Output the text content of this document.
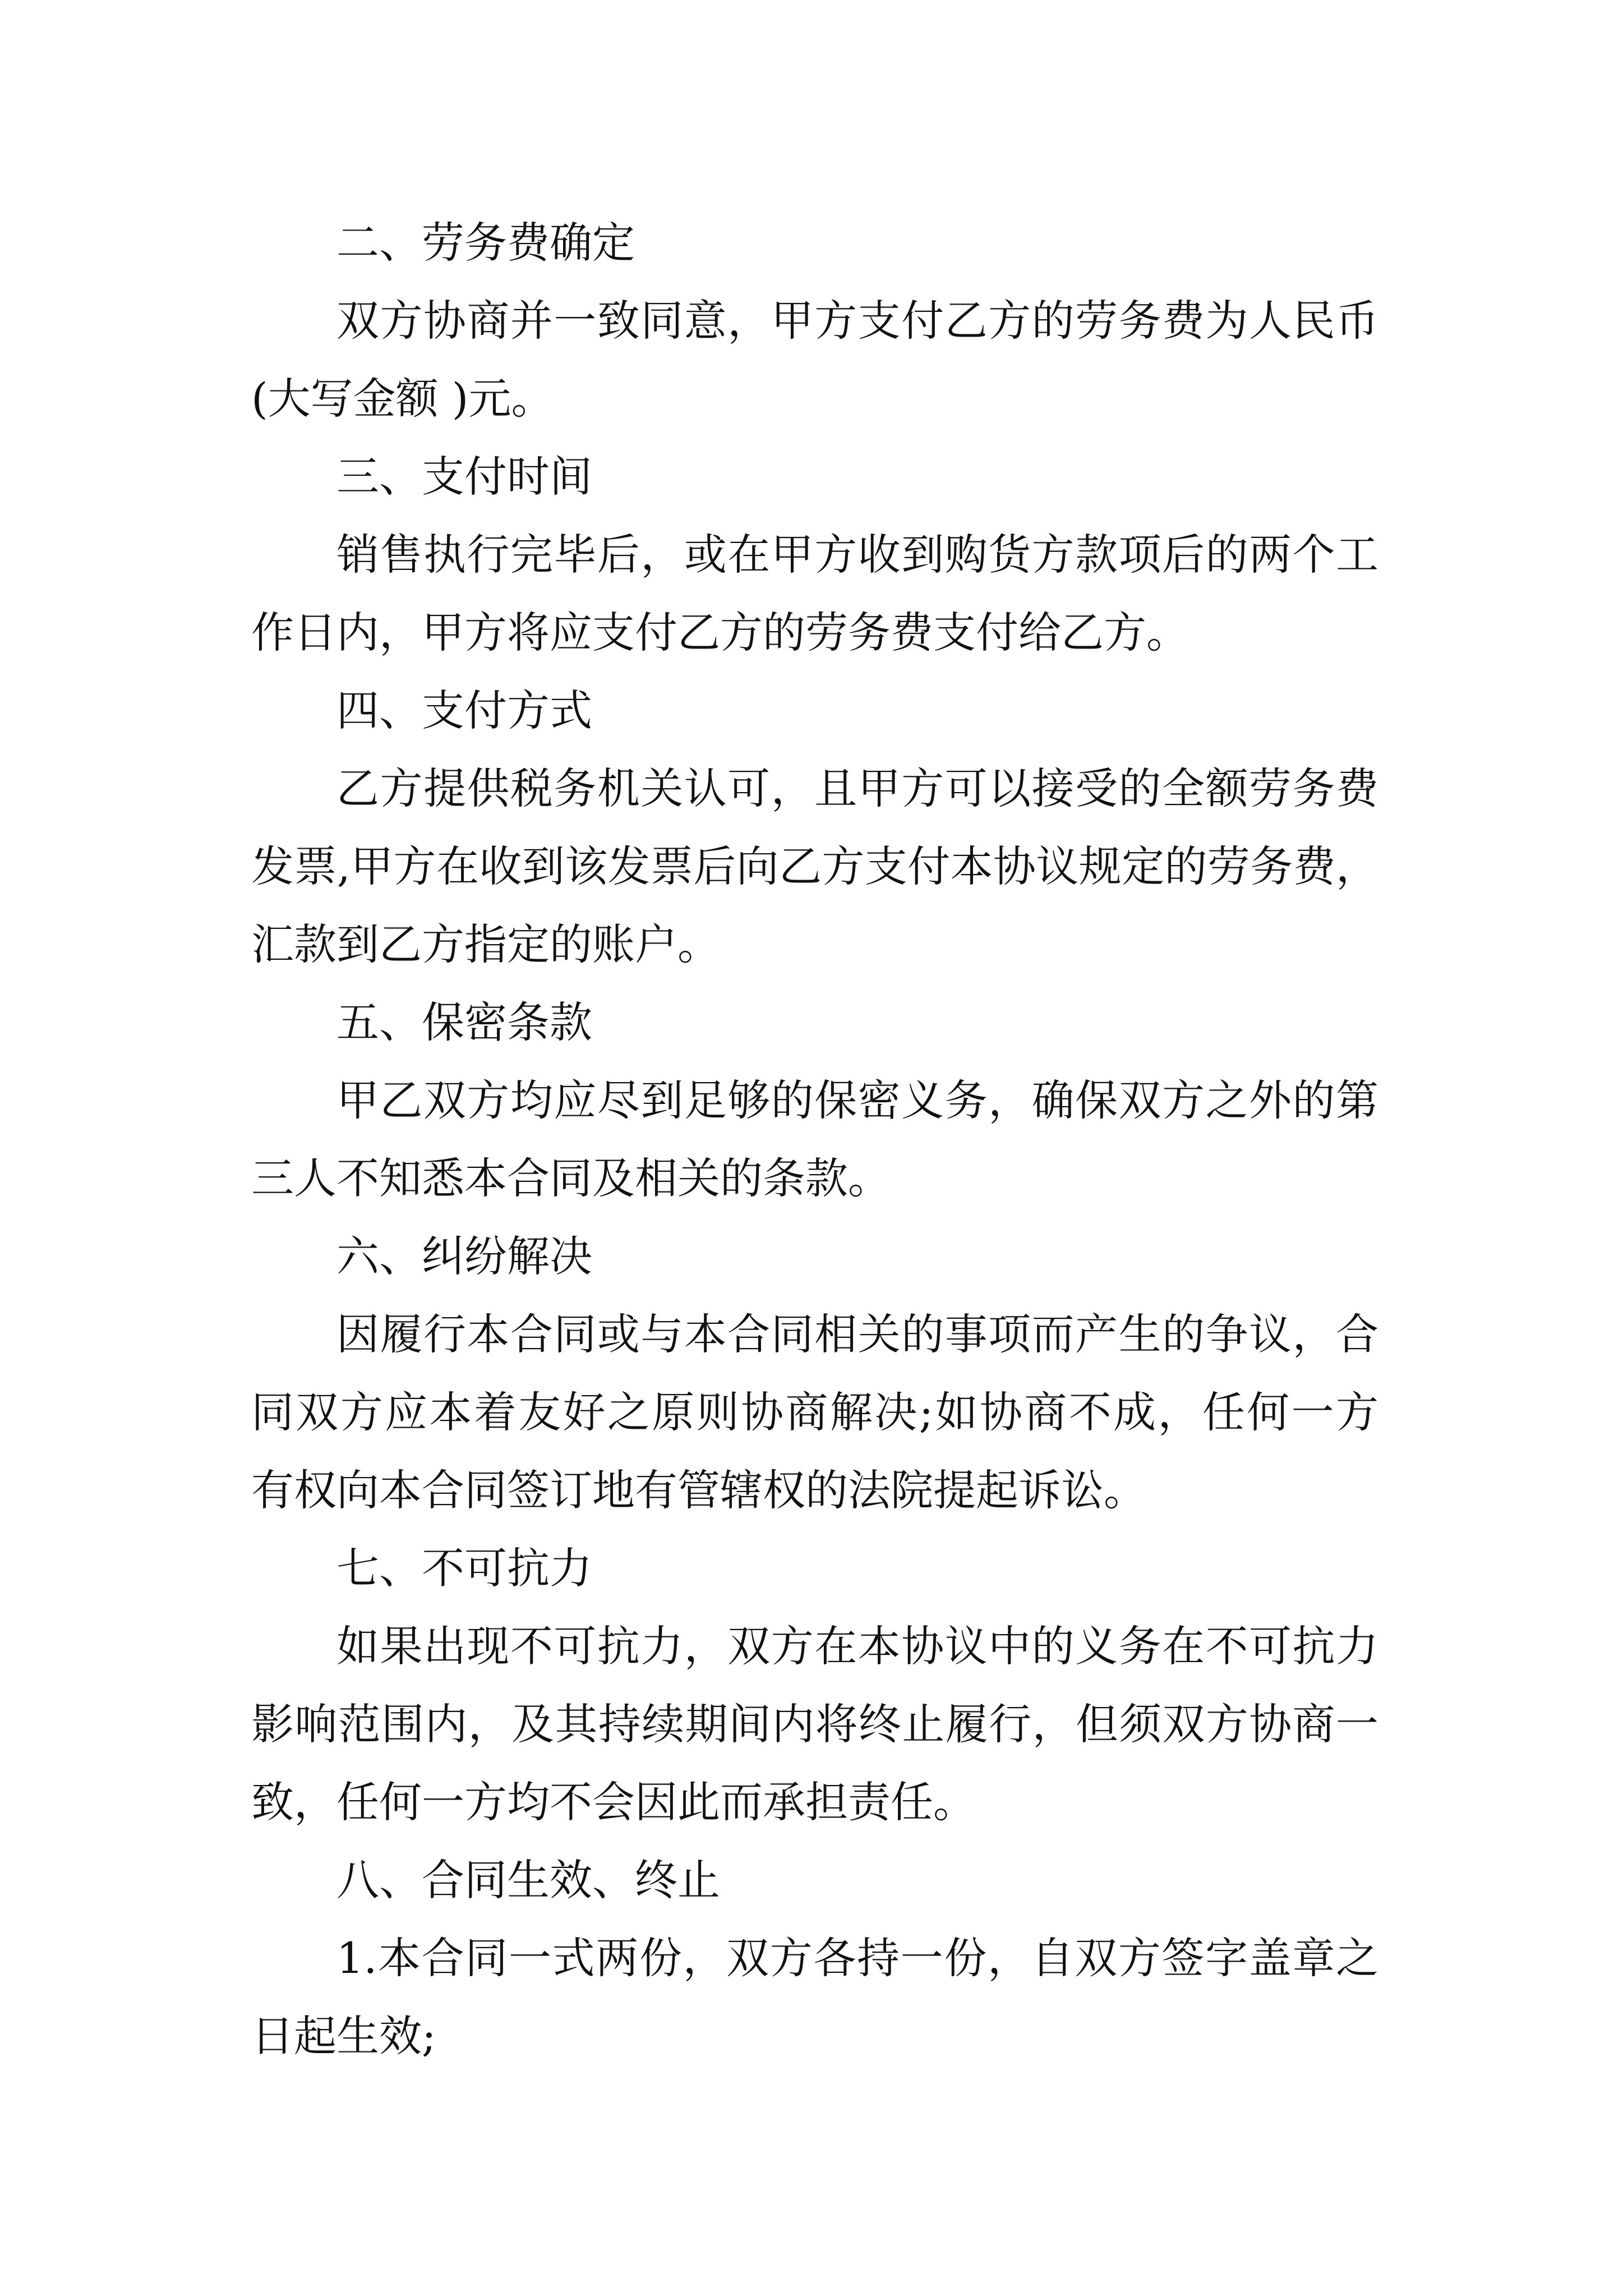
二、劳务费确定
双方协商并一致同意，甲方支付乙方的劳务费为人民币
(大写金额 )元。
三、支付时间
销售执行完毕后，或在甲方收到购货方款项后的两个工
作日内，甲方将应支付乙方的劳务费支付给乙方。
四、支付方式
乙方提供税务机关认可，且甲方可以接受的全额劳务费
发票,甲方在收到该发票后向乙方支付本协议规定的劳务费，
汇款到乙方指定的账户。
五、保密条款
甲乙双方均应尽到足够的保密义务，确保双方之外的第
三人不知悉本合同及相关的条款。
六、纠纷解决
因履行本合同或与本合同相关的事项而产生的争议，合
同双方应本着友好之原则协商解决;如协商不成，任何一方
有权向本合同签订地有管辖权的法院提起诉讼。
七、不可抗力
如果出现不可抗力，双方在本协议中的义务在不可抗力
影响范围内，及其持续期间内将终止履行，但须双方协商一
致，任何一方均不会因此而承担责任。
八、合同生效、终止
1.本合同一式两份，双方各持一份，自双方签字盖章之
日起生效;
